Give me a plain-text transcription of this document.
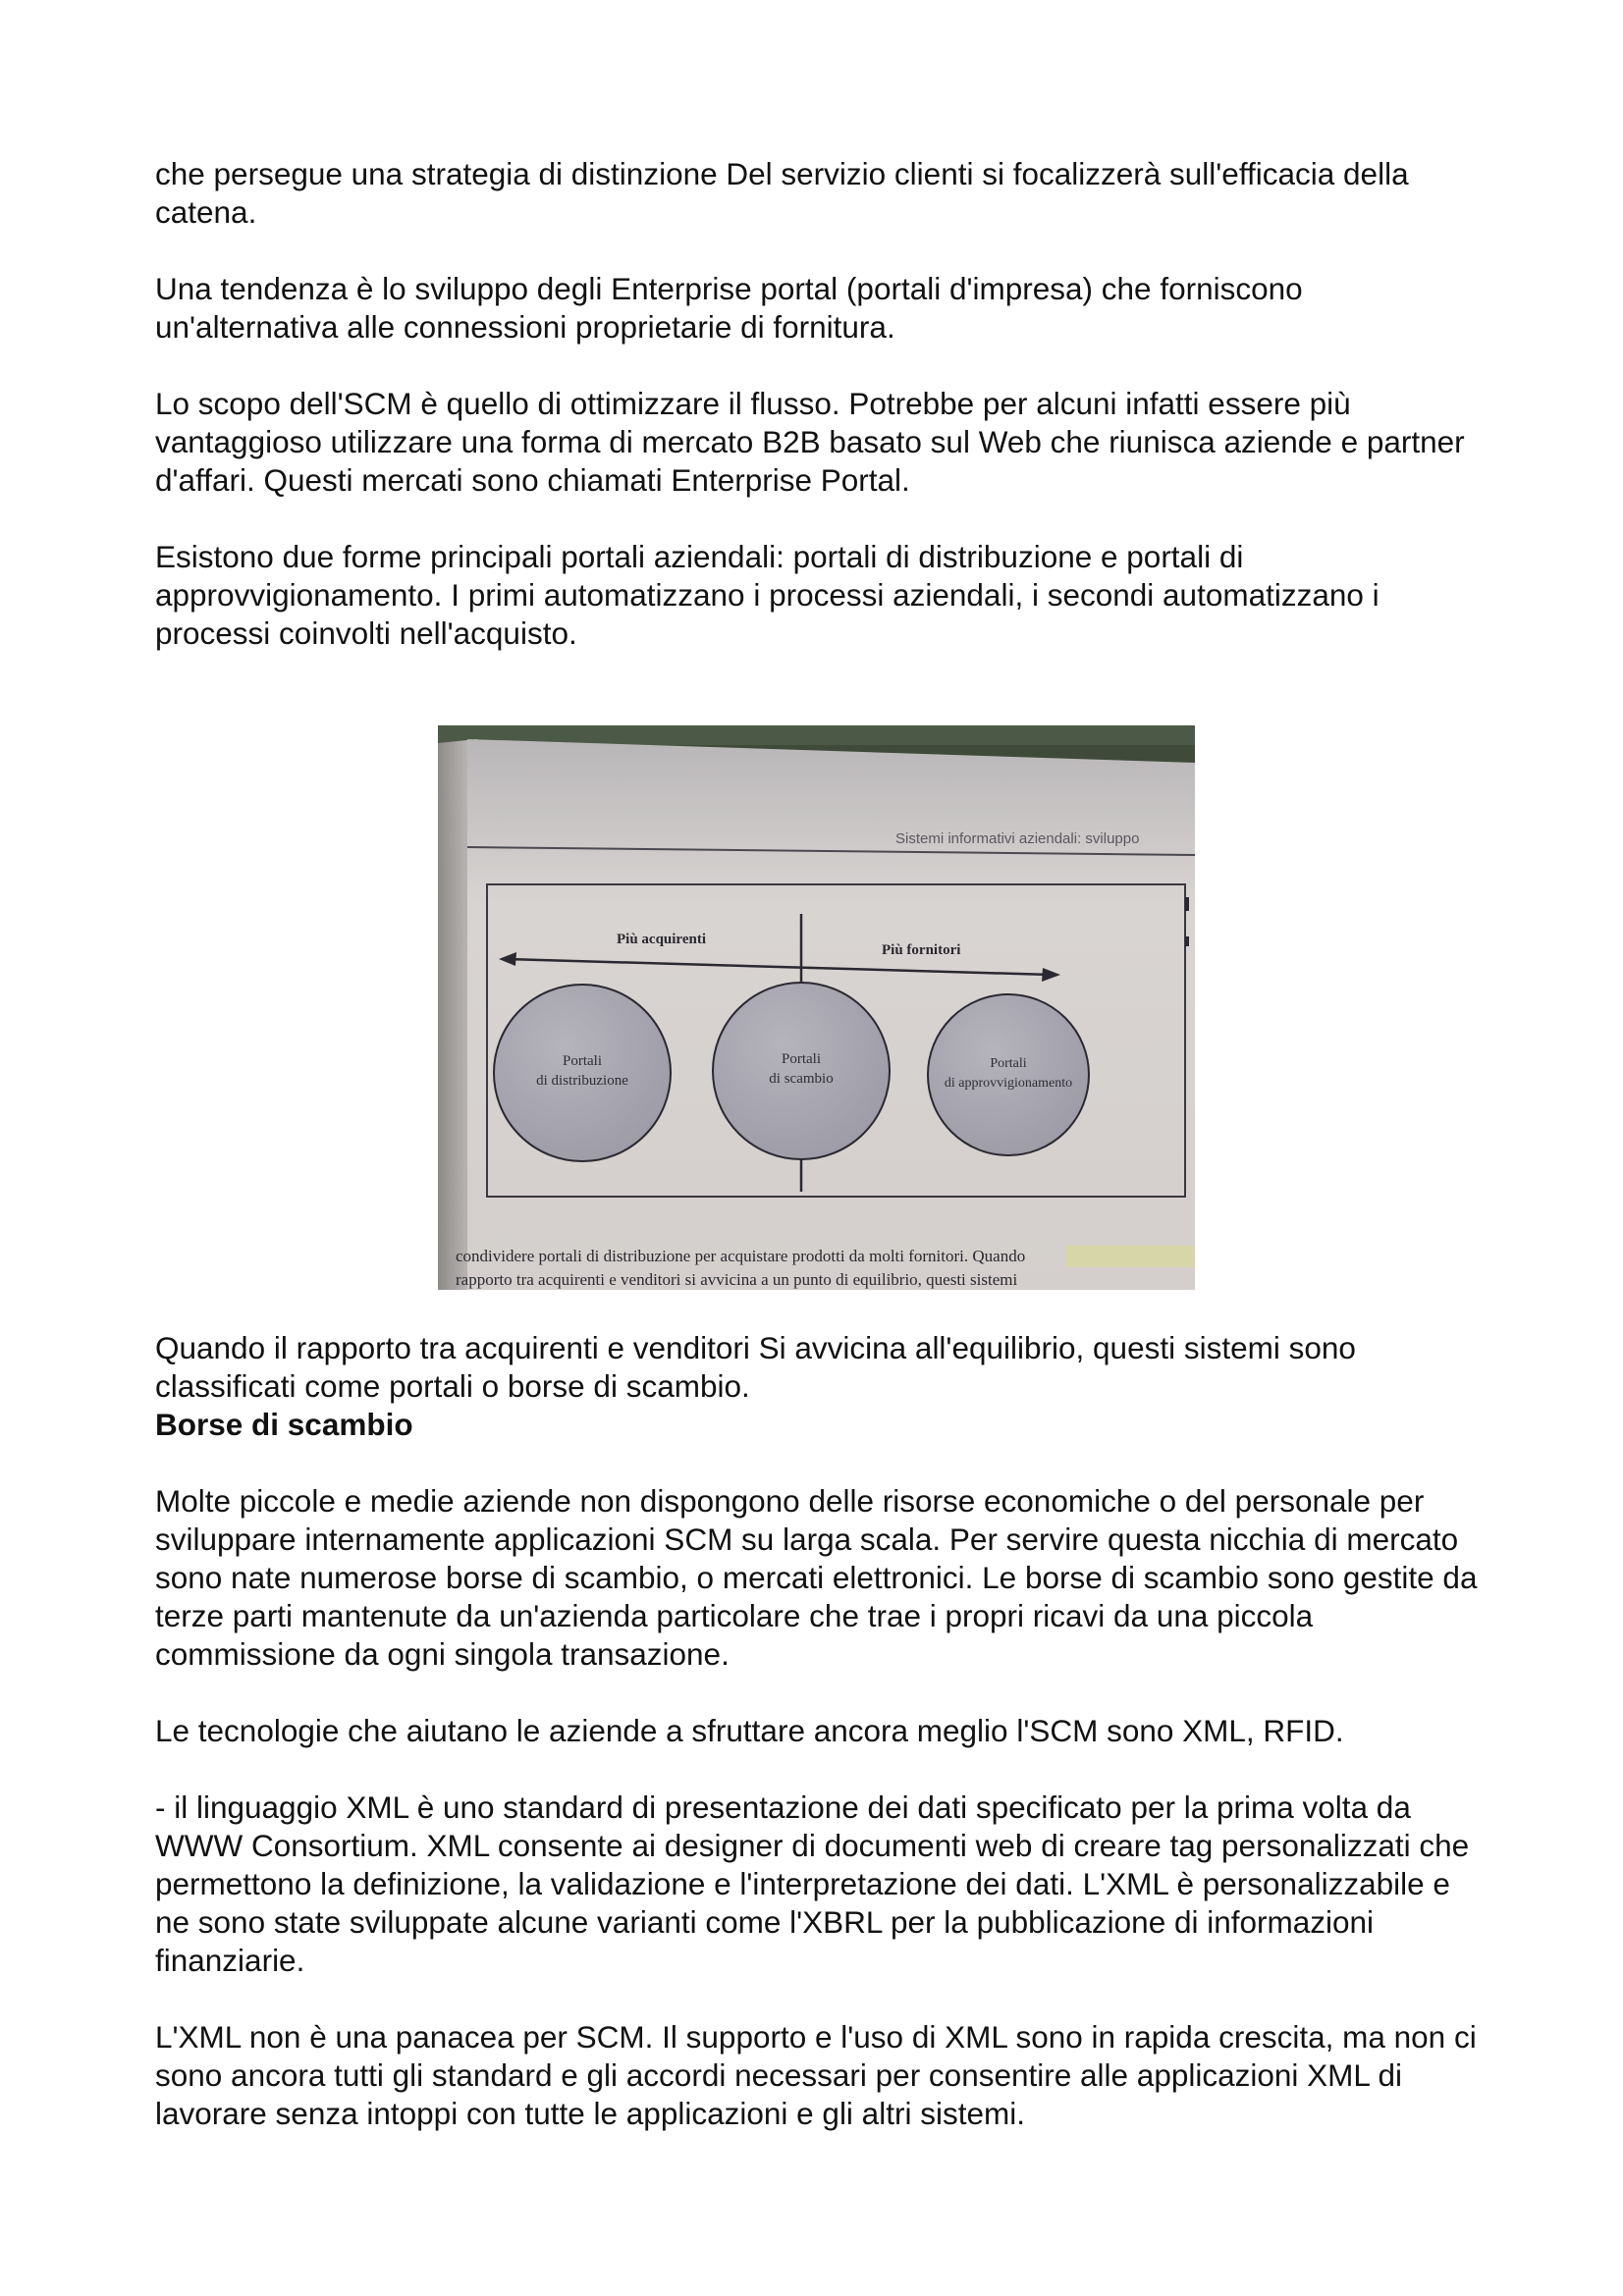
che persegue una strategia di distinzione Del servizio clienti si focalizzerà sull'efficacia della catena.

Una tendenza è lo sviluppo degli Enterprise portal (portali d'impresa) che forniscono un'alternativa alle connessioni proprietarie di fornitura.

Lo scopo dell'SCM è quello di ottimizzare il flusso. Potrebbe per alcuni infatti essere più vantaggioso utilizzare una forma di mercato B2B basato sul Web che riunisca aziende e partner d'affari. Questi mercati sono chiamati Enterprise Portal.

Esistono due forme principali portali aziendali: portali di distribuzione e portali di approvvigionamento. I primi automatizzano i processi aziendali, i secondi automatizzano i processi coinvolti nell'acquisto.

Sistemi informativi aziendali: sviluppo
Più acquirenti
Più fornitori
Portali
di distribuzione
Portali
di scambio
Portali
di approvvigionamento
condividere portali di distribuzione per acquistare prodotti da molti fornitori. Quando
rapporto tra acquirenti e venditori si avvicina a un punto di equilibrio, questi sistemi

Quando il rapporto tra acquirenti e venditori Si avvicina all'equilibrio, questi sistemi sono classificati come portali o borse di scambio.

Borse di scambio

Molte piccole e medie aziende non dispongono delle risorse economiche o del personale per sviluppare internamente applicazioni SCM su larga scala. Per servire questa nicchia di mercato sono nate numerose borse di scambio, o mercati elettronici. Le borse di scambio sono gestite da terze parti mantenute da un'azienda particolare che trae i propri ricavi da una piccola commissione da ogni singola transazione.

Le tecnologie che aiutano le aziende a sfruttare ancora meglio l'SCM sono XML, RFID.

- il linguaggio XML è uno standard di presentazione dei dati specificato per la prima volta da WWW Consortium. XML consente ai designer di documenti web di creare tag personalizzati che permettono la definizione, la validazione e l'interpretazione dei dati. L'XML è personalizzabile e ne sono state sviluppate alcune varianti come l'XBRL per la pubblicazione di informazioni finanziarie.

L'XML non è una panacea per SCM. Il supporto e l'uso di XML sono in rapida crescita, ma non ci sono ancora tutti gli standard e gli accordi necessari per consentire alle applicazioni XML di lavorare senza intoppi con tutte le applicazioni e gli altri sistemi.
